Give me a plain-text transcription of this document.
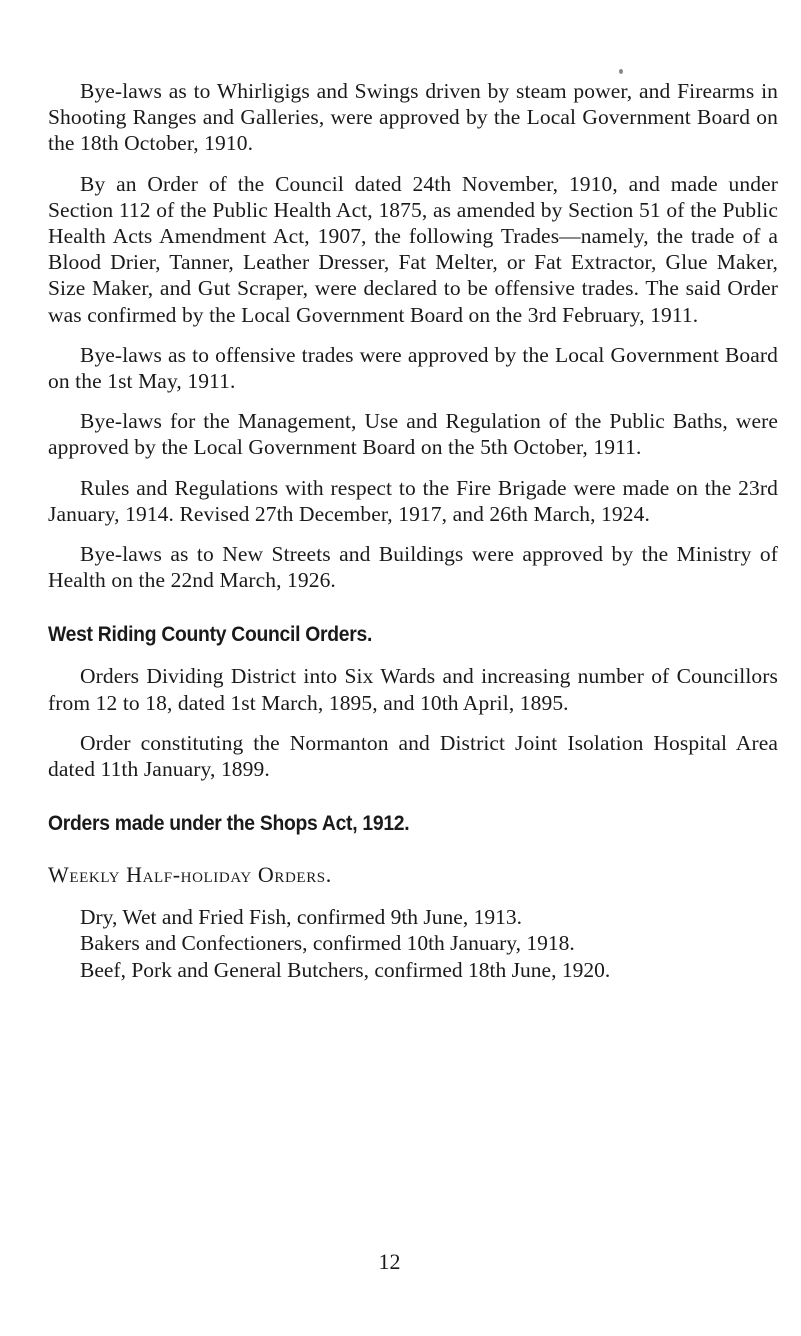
Bye-laws as to Whirligigs and Swings driven by steam power, and Firearms in Shooting Ranges and Galleries, were approved by the Local Government Board on the 18th October, 1910.

By an Order of the Council dated 24th November, 1910, and made under Section 112 of the Public Health Act, 1875, as amended by Section 51 of the Public Health Acts Amendment Act, 1907, the following Trades—namely, the trade of a Blood Drier, Tanner, Leather Dresser, Fat Melter, or Fat Extractor, Glue Maker, Size Maker, and Gut Scraper, were declared to be offensive trades. The said Order was confirmed by the Local Government Board on the 3rd February, 1911.

Bye-laws as to offensive trades were approved by the Local Government Board on the 1st May, 1911.

Bye-laws for the Management, Use and Regulation of the Public Baths, were approved by the Local Government Board on the 5th October, 1911.

Rules and Regulations with respect to the Fire Brigade were made on the 23rd January, 1914. Revised 27th December, 1917, and 26th March, 1924.

Bye-laws as to New Streets and Buildings were approved by the Ministry of Health on the 22nd March, 1926.

West Riding County Council Orders.

Orders Dividing District into Six Wards and increasing number of Councillors from 12 to 18, dated 1st March, 1895, and 10th April, 1895.

Order constituting the Normanton and District Joint Isolation Hospital Area dated 11th January, 1899.

Orders made under the Shops Act, 1912.
Weekly Half-holiday Orders.
Dry, Wet and Fried Fish, confirmed 9th June, 1913.
Bakers and Confectioners, confirmed 10th January, 1918.
Beef, Pork and General Butchers, confirmed 18th June, 1920.
12
